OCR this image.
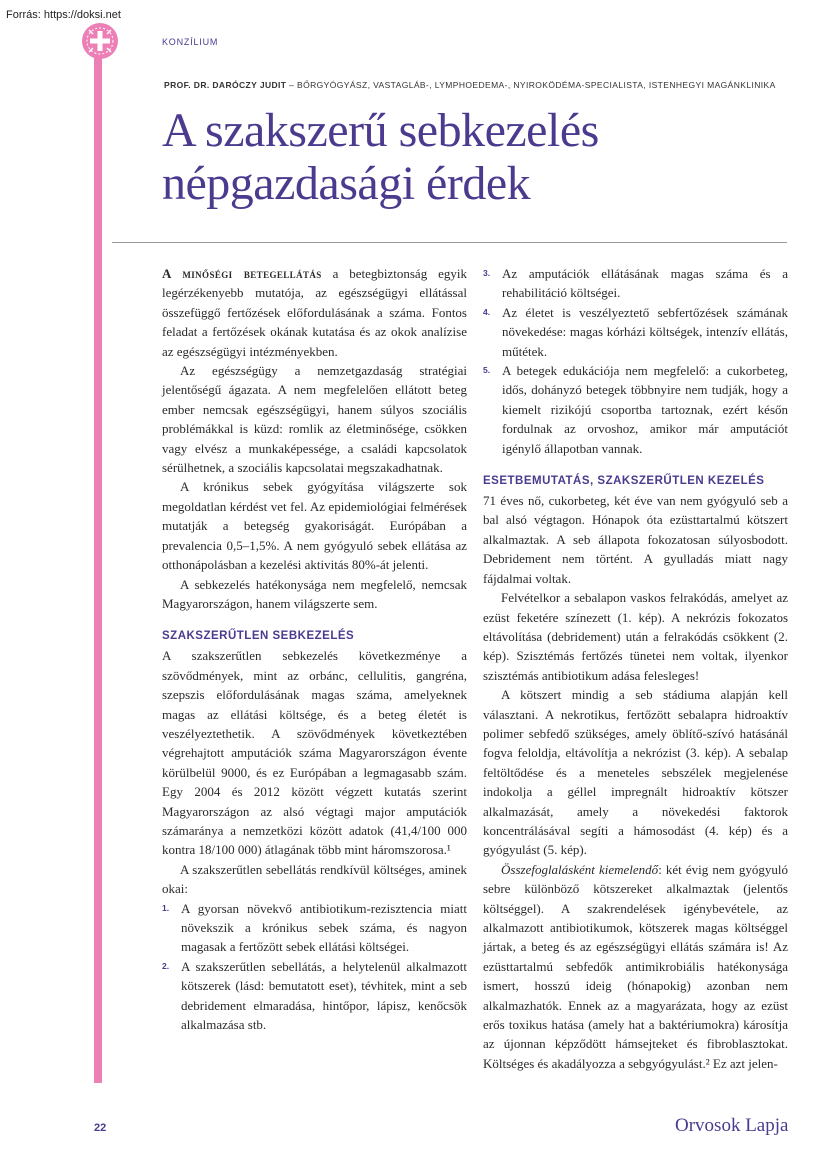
Forrás: https://doksi.net
KONZÍLIUM
PROF. DR. DARÓCZY JUDIT – BŐRGYÓGYÁSZ, VASTAGLÁB-, LYMPHOEDEMA-, NYIROKÖDÉMA-SPECIALISTA, ISTENHEGYI MAGÁNKLINIKA
A szakszerű sebkezelés
népgazdasági érdek

A minőségi betegellátás a betegbiztonság egyik legérzékenyebb mutatója, az egészségügyi ellátással összefüggő fertőzések előfordulásának a száma. Fontos feladat a fertőzések okának kutatása és az okok analízise az egészségügyi intézményekben.

Az egészségügy a nemzetgazdaság stratégiai jelentőségű ágazata. A nem megfelelően ellátott beteg ember nemcsak egészségügyi, hanem súlyos szociális problémákkal is küzd: romlik az életminősége, csökken vagy elvész a munkaképessége, a családi kapcsolatok sérülhetnek, a szociális kapcsolatai megszakadhatnak.

A krónikus sebek gyógyítása világszerte sok megoldatlan kérdést vet fel. Az epidemiológiai felmérések mutatják a betegség gyakoriságát. Európában a prevalencia 0,5–1,5%. A nem gyógyuló sebek ellátása az otthonápolásban a kezelési aktivitás 80%-át jelenti.

A sebkezelés hatékonysága nem megfelelő, nemcsak Magyarországon, hanem világszerte sem.

SZAKSZERŰTLEN SEBKEZELÉS

A szakszerűtlen sebkezelés következménye a szövődmények, mint az orbánc, cellulitis, gangréna, szepszis előfordulásának magas száma, amelyeknek magas az ellátási költsége, és a beteg életét is veszélyeztethetik. A szövődmények következtében végrehajtott amputációk száma Magyarországon évente körülbelül 9000, és ez Európában a legmagasabb szám. Egy 2004 és 2012 között végzett kutatás szerint Magyarországon az alsó végtagi major amputációk számaránya a nemzetközi között adatok (41,4/100 000 kontra 18/100 000) átlagának több mint háromszorosa.¹

A szakszerűtlen sebellátás rendkívül költséges, aminek okai:

1. A gyorsan növekvő antibiotikum-rezisztencia miatt növekszik a krónikus sebek száma, és nagyon magasak a fertőzött sebek ellátási költségei.
2. A szakszerűtlen sebellátás, a helytelenül alkalmazott kötszerek (lásd: bemutatott eset), tévhitek, mint a seb debridement elmaradása, hintőpor, lápisz, kenőcsök alkalmazása stb.
3. Az amputációk ellátásának magas száma és a rehabilitáció költségei.
4. Az életet is veszélyeztető sebfertőzések számának növekedése: magas kórházi költségek, intenzív ellátás, műtétek.
5. A betegek edukációja nem megfelelő: a cukorbeteg, idős, dohányzó betegek többnyire nem tudják, hogy a kiemelt rizikójú csoportba tartoznak, ezért későn fordulnak az orvoshoz, amikor már amputációt igénylő állapotban vannak.
ESETBEMUTATÁS, SZAKSZERŰTLEN KEZELÉS

71 éves nő, cukorbeteg, két éve van nem gyógyuló seb a bal alsó végtagon. Hónapok óta ezüsttartalmú kötszert alkalmaztak. A seb állapota fokozatosan súlyosbodott. Debridement nem történt. A gyulladás miatt nagy fájdalmai voltak.

Felvételkor a sebalapon vaskos felrakódás, amelyet az ezüst feketére színezett (1. kép). A nekrózis fokozatos eltávolítása (debridement) után a felrakódás csökkent (2. kép). Szisztémás fertőzés tünetei nem voltak, ilyenkor szisztémás antibiotikum adása felesleges!

A kötszert mindig a seb stádiuma alapján kell választani. A nekrotikus, fertőzött sebalapra hidroaktív polimer sebfedő szükséges, amely öblítő-szívó hatásánál fogva feloldja, eltávolítja a nekrózist (3. kép). A sebalap feltöltődése és a meneteles sebszélek megjelenése indokolja a géllel impregnált hidroaktív kötszer alkalmazását, amely a növekedési faktorok koncentrálásával segíti a hámosodást (4. kép) és a gyógyulást (5. kép).

Összefoglalásként kiemelendő: két évig nem gyógyuló sebre különböző kötszereket alkalmaztak (jelentős költséggel). A szakrendelések igénybevétele, az alkalmazott antibiotikumok, kötszerek magas költséggel jártak, a beteg és az egészségügyi ellátás számára is! Az ezüsttartalmú sebfedők antimikrobiális hatékonysága ismert, hosszú ideig (hónapokig) azonban nem alkalmazhatók. Ennek az a magyarázata, hogy az ezüst erős toxikus hatása (amely hat a baktériumokra) károsítja az újonnan képződött hámsejteket és fibroblasztokat. Költséges és akadályozza a sebgyógyulást.² Ez azt jelen-

22	Orvosok Lapja
